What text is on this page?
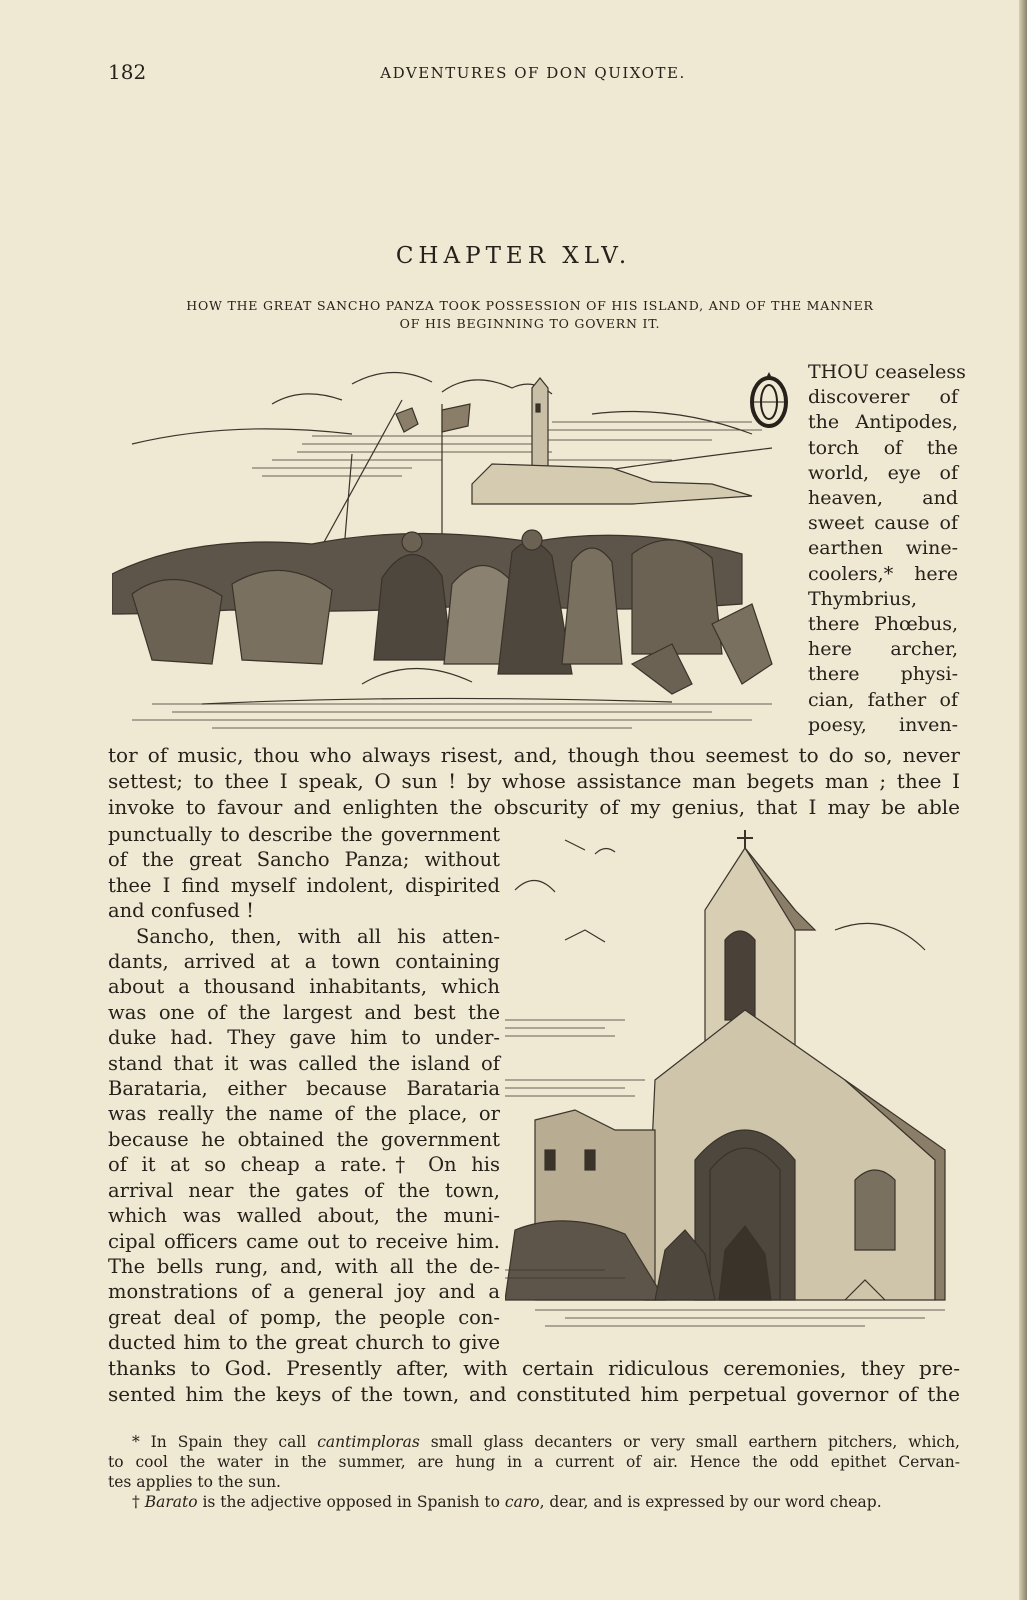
182	ADVENTURES OF DON QUIXOTE.
CHAPTER XLV.
HOW THE GREAT SANCHO PANZA TOOK POSSESSION OF HIS ISLAND, AND OF THE MANNER
OF HIS BEGINNING TO GOVERN IT.
THOU ceaseless
discoverer of
the Antipodes,
torch of the
world, eye of
heaven, and
sweet cause of
earthen wine-
coolers,* here
Thymbrius,
there Phœbus,
here archer,
there physi-
cian, father of
poesy, inven-
tor of music, thou who always risest, and, though thou seemest to do so, never
settest; to thee I speak, O sun ! by whose assistance man begets man ; thee I
invoke to favour and enlighten the obscurity of my genius, that I may be able
punctually to describe the government
of the great Sancho Panza; without
thee I find myself indolent, dispirited
and confused !
Sancho, then, with all his atten-
dants, arrived at a town containing
about a thousand inhabitants, which
was one of the largest and best the
duke had. They gave him to under-
stand that it was called the island of
Barataria, either because Barataria
was really the name of the place, or
because he obtained the government
of it at so cheap a rate.† On his
arrival near the gates of the town,
which was walled about, the muni-
cipal officers came out to receive him.
The bells rung, and, with all the de-
monstrations of a general joy and a
great deal of pomp, the people con-
ducted him to the great church to give
thanks to God. Presently after, with certain ridiculous ceremonies, they pre-
sented him the keys of the town, and constituted him perpetual governor of the
* In Spain they call cantimploras small glass decanters or very small earthern pitchers, which,
to cool the water in the summer, are hung in a current of air. Hence the odd epithet Cervan-
tes applies to the sun.
† Barato is the adjective opposed in Spanish to caro, dear, and is expressed by our word cheap.
